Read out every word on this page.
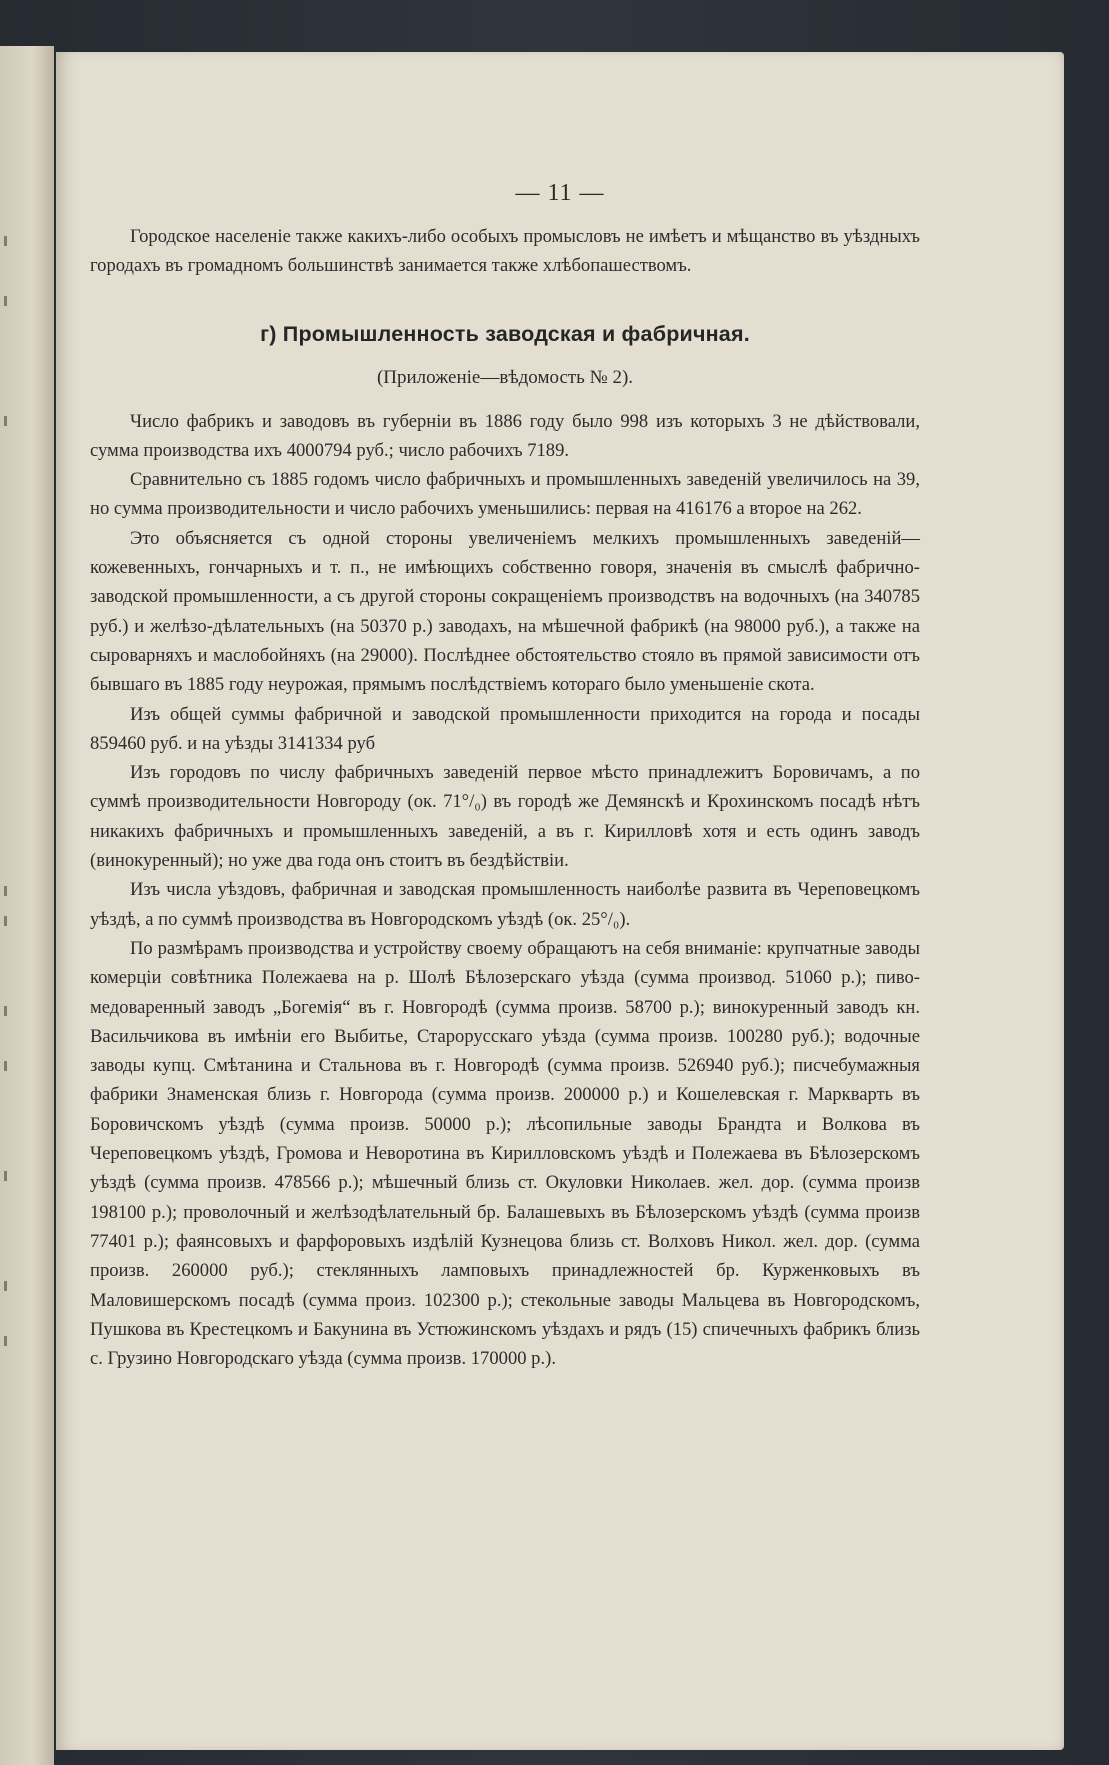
— 11 —

Городское населеніе также какихъ-либо особыхъ промысловъ не имѣетъ и мѣщанство въ уѣздныхъ городахъ въ громадномъ большинствѣ занимается также хлѣбопашествомъ.

г) Промышленность заводская и фабричная.
(Приложеніе—вѣдомость № 2).

Число фабрикъ и заводовъ въ губерніи въ 1886 году было 998 изъ которыхъ 3 не дѣйствовали, сумма производства ихъ 4000794 руб.; число рабочихъ 7189.

Сравнительно съ 1885 годомъ число фабричныхъ и промышленныхъ заведеній увеличилось на 39, но сумма производительности и число рабочихъ уменьшились: первая на 416176 а второе на 262.

Это объясняется съ одной стороны увеличеніемъ мелкихъ промышленныхъ заведеній—кожевенныхъ, гончарныхъ и т. п., не имѣющихъ собственно говоря, значенія въ смыслѣ фабрично-заводской промышленности, а съ другой стороны сокращеніемъ производствъ на водочныхъ (на 340785 руб.) и желѣзо-дѣлательныхъ (на 50370 р.) заводахъ, на мѣшечной фабрикѣ (на 98000 руб.), а также на сыроварняхъ и маслобойняхъ (на 29000). Послѣднее обстоятельство стояло въ прямой зависимости отъ бывшаго въ 1885 году неурожая, прямымъ послѣдствіемъ котораго было уменьшеніе скота.

Изъ общей суммы фабричной и заводской промышленности приходится на города и посады 859460 руб. и на уѣзды 3141334 руб

Изъ городовъ по числу фабричныхъ заведеній первое мѣсто принадлежитъ Боровичамъ, а по суммѣ производительности Новгороду (ок. 71°/₀) въ городѣ же Демянскѣ и Крохинскомъ посадѣ нѣтъ никакихъ фабричныхъ и промышленныхъ заведеній, а въ г. Кирилловѣ хотя и есть одинъ заводъ (винокуренный); но уже два года онъ стоитъ въ бездѣйствіи.

Изъ числа уѣздовъ, фабричная и заводская промышленность наиболѣе развита въ Череповецкомъ уѣздѣ, а по суммѣ производства въ Новгородскомъ уѣздѣ (ок. 25°/₀).

По размѣрамъ производства и устройству своему обращаютъ на себя вниманіе: крупчатные заводы комерціи совѣтника Полежаева на р. Шолѣ Бѣлозерскаго уѣзда (сумма производ. 51060 р.); пиво-медоваренный заводъ „Богемія“ въ г. Новгородѣ (сумма произв. 58700 р.); винокуренный заводъ кн. Васильчикова въ имѣніи его Выбитье, Старорусскаго уѣзда (сумма произв. 100280 руб.); водочные заводы купц. Смѣтанина и Стальнова въ г. Новгородѣ (сумма произв. 526940 руб.); писчебумажныя фабрики Знаменская близь г. Новгорода (сумма произв. 200000 р.) и Кошелевская г. Маркварть въ Боровичскомъ уѣздѣ (сумма произв. 50000 р.); лѣсопильные заводы Брандта и Волкова въ Череповецкомъ уѣздѣ, Громова и Неворотина въ Кирилловскомъ уѣздѣ и Полежаева въ Бѣлозерскомъ уѣздѣ (сумма произв. 478566 р.); мѣшечный близь ст. Окуловки Николаев. жел. дор. (сумма произв 198100 р.); проволочный и желѣзодѣлательный бр. Балашевыхъ въ Бѣлозерскомъ уѣздѣ (сумма произв 77401 р.); фаянсовыхъ и фарфоровыхъ издѣлій Кузнецова близь ст. Волховъ Никол. жел. дор. (сумма произв. 260000 руб.); стеклянныхъ ламповыхъ принадлежностей бр. Курженковыхъ въ Маловишерскомъ посадѣ (сумма произ. 102300 р.); стекольные заводы Мальцева въ Новгородскомъ, Пушкова въ Крестецкомъ и Бакунина въ Устюжинскомъ уѣздахъ и рядъ (15) спичечныхъ фабрикъ близь с. Грузино Новгородскаго уѣзда (сумма произв. 170000 р.).
